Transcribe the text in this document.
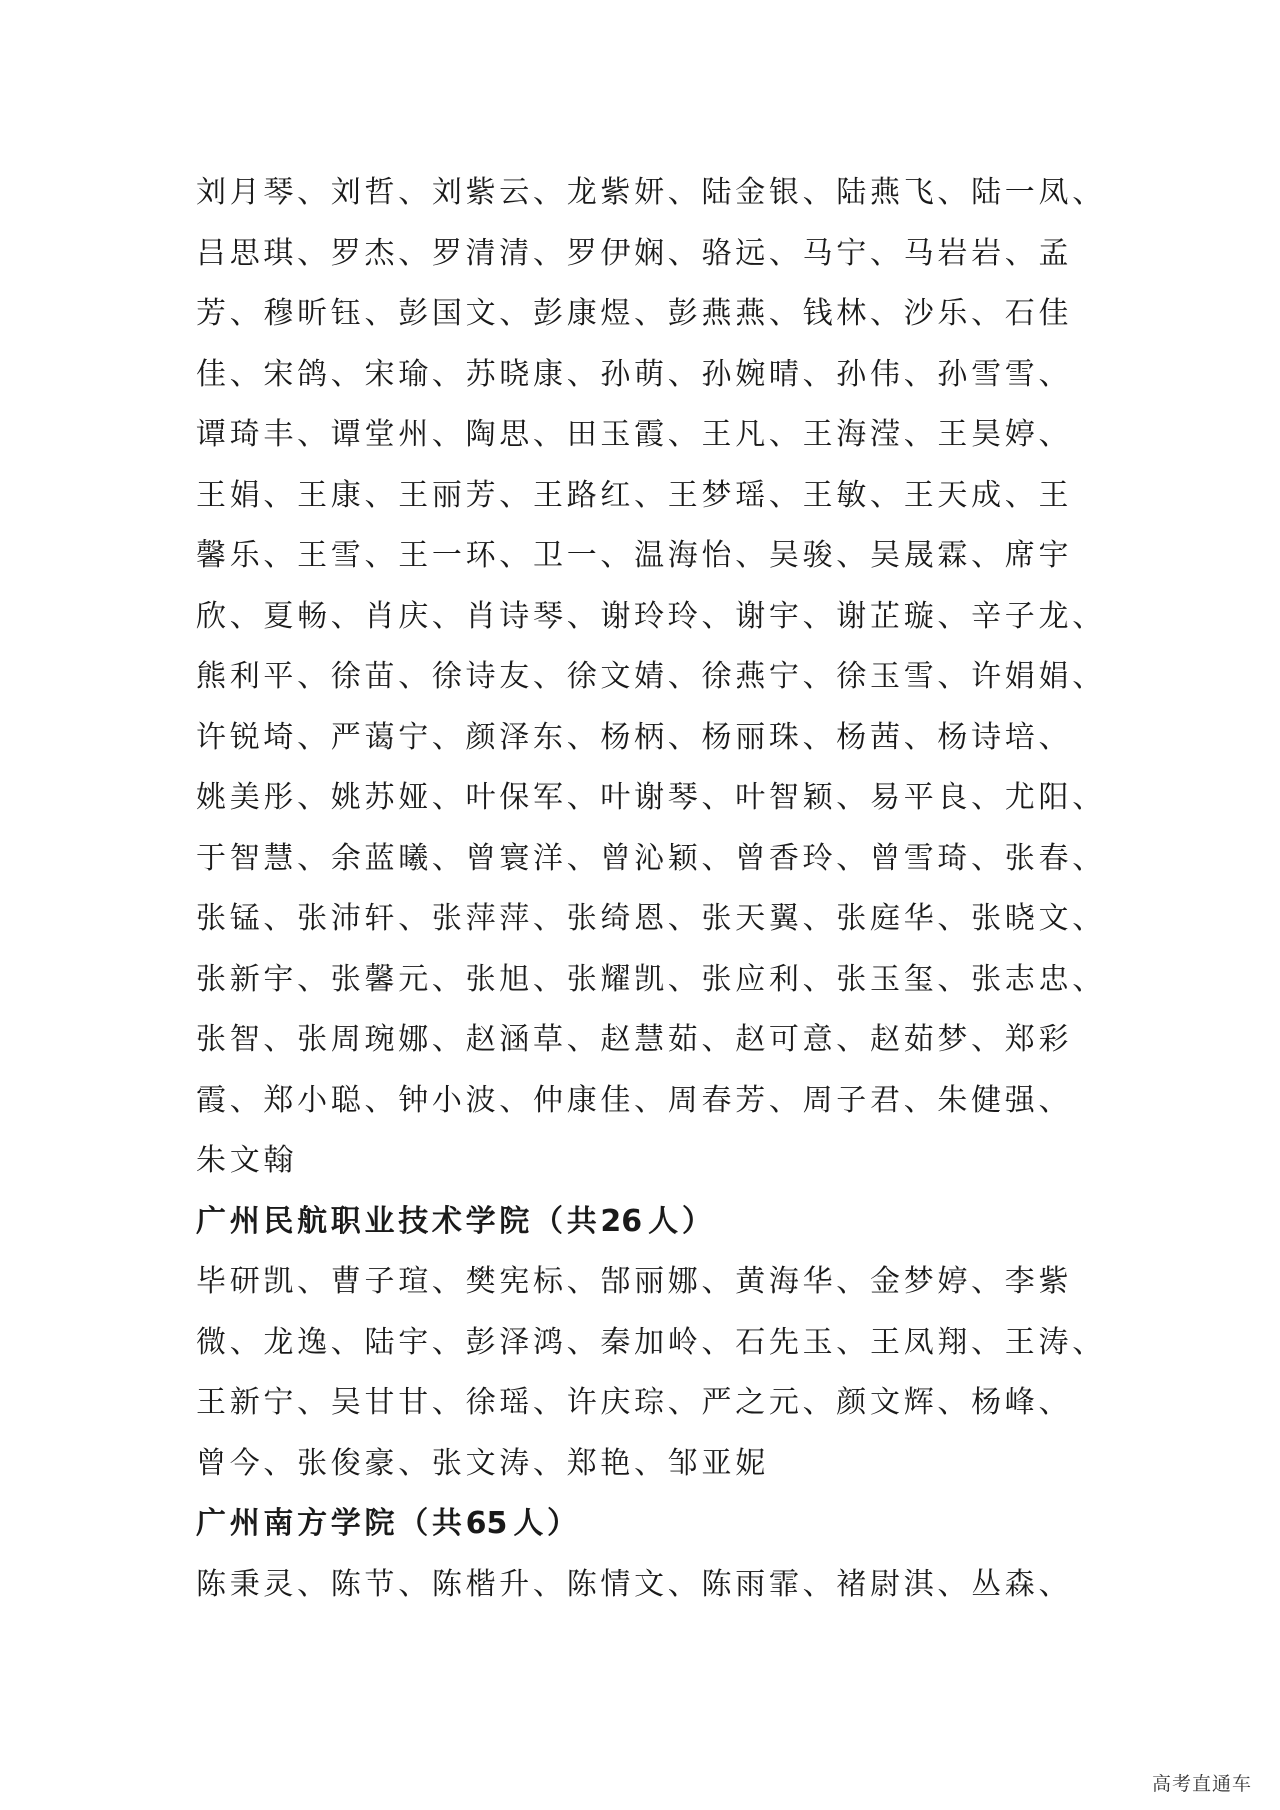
刘月琴、刘哲、刘紫云、龙紫妍、陆金银、陆燕飞、陆一凤、
吕思琪、罗杰、罗清清、罗伊娴、骆远、马宁、马岩岩、孟
芳、穆昕钰、彭国文、彭康煜、彭燕燕、钱林、沙乐、石佳
佳、宋鸽、宋瑜、苏晓康、孙萌、孙婉晴、孙伟、孙雪雪、
谭琦丰、谭堂州、陶思、田玉霞、王凡、王海滢、王昊婷、
王娟、王康、王丽芳、王路红、王梦瑶、王敏、王天成、王
馨乐、王雪、王一环、卫一、温海怡、吴骏、吴晟霖、席宇
欣、夏畅、肖庆、肖诗琴、谢玲玲、谢宇、谢芷璇、辛子龙、
熊利平、徐苗、徐诗友、徐文婧、徐燕宁、徐玉雪、许娟娟、
许锐埼、严蔼宁、颜泽东、杨柄、杨丽珠、杨茜、杨诗培、
姚美彤、姚苏娅、叶保军、叶谢琴、叶智颖、易平良、尤阳、
于智慧、余蓝曦、曾寰洋、曾沁颖、曾香玲、曾雪琦、张春、
张锰、张沛轩、张萍萍、张绮恩、张天翼、张庭华、张晓文、
张新宇、张馨元、张旭、张耀凯、张应利、张玉玺、张志忠、
张智、张周琬娜、赵涵草、赵慧茹、赵可意、赵茹梦、郑彩
霞、郑小聪、钟小波、仲康佳、周春芳、周子君、朱健强、
朱文翰
广州民航职业技术学院（共26 人）
毕研凯、曹子瑄、樊宪标、郜丽娜、黄海华、金梦婷、李紫
微、龙逸、陆宇、彭泽鸿、秦加岭、石先玉、王凤翔、王涛、
王新宁、吴甘甘、徐瑶、许庆琮、严之元、颜文辉、杨峰、
曾今、张俊豪、张文涛、郑艳、邹亚妮
广州南方学院（共65 人）
陈秉灵、陈节、陈楷升、陈情文、陈雨霏、褚尉淇、丛森、
高考直通车
